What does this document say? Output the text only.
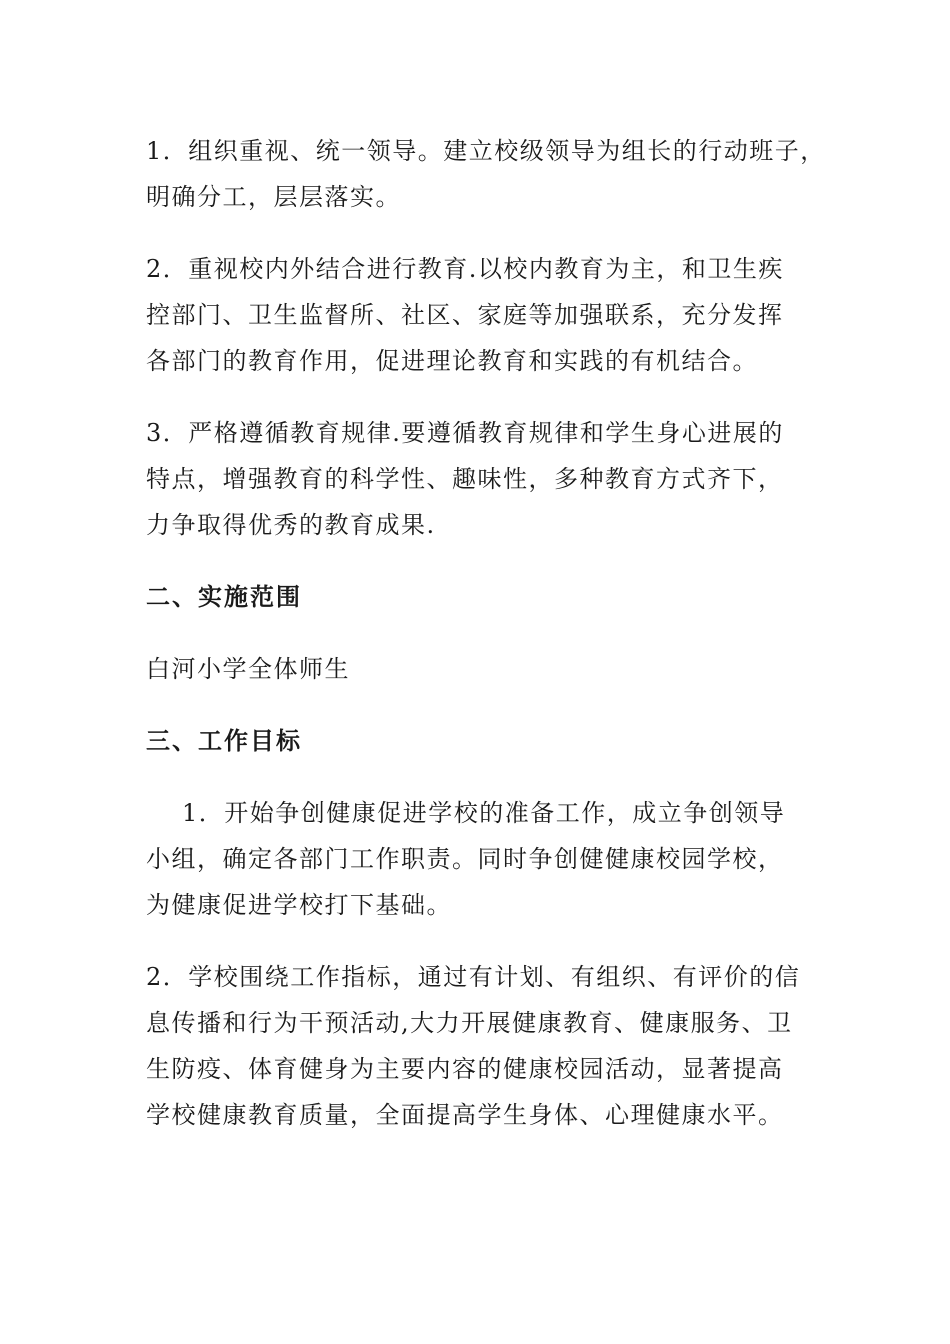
1．组织重视、统一领导。建立校级领导为组长的行动班子，
明确分工，层层落实。

2．重视校内外结合进行教育.以校内教育为主，和卫生疾
控部门、卫生监督所、社区、家庭等加强联系，充分发挥
各部门的教育作用，促进理论教育和实践的有机结合。

3．严格遵循教育规律.要遵循教育规律和学生身心进展的
特点，增强教育的科学性、趣味性，多种教育方式齐下，
力争取得优秀的教育成果.

二、实施范围

白河小学全体师生

三、工作目标

1．开始争创健康促进学校的准备工作，成立争创领导

小组，确定各部门工作职责。同时争创健健康校园学校，
为健康促进学校打下基础。

2．学校围绕工作指标，通过有计划、有组织、有评价的信
息传播和行为干预活动,大力开展健康教育、健康服务、卫
生防疫、体育健身为主要内容的健康校园活动，显著提高
学校健康教育质量，全面提高学生身体、心理健康水平。
